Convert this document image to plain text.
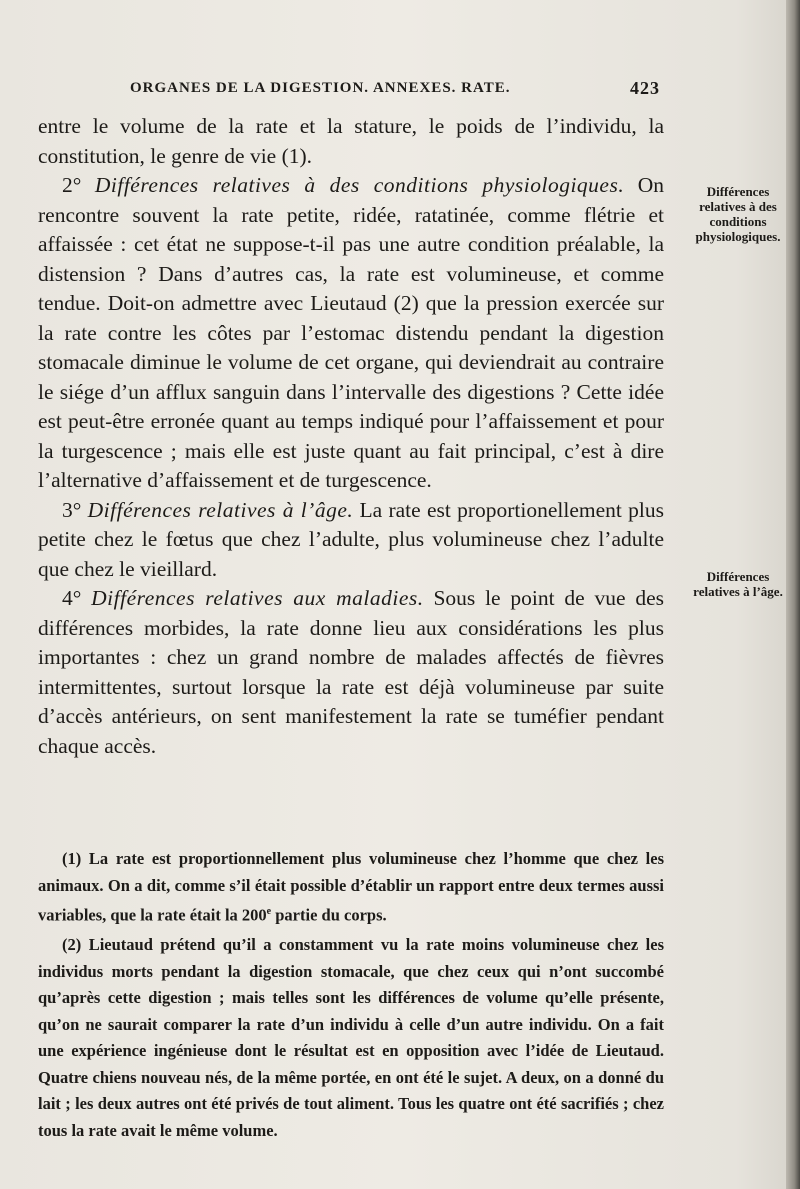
ORGANES DE LA DIGESTION. ANNEXES. RATE.	423

entre le volume de la rate et la stature, le poids de l’individu, la constitution, le genre de vie (1).

2° Différences relatives à des conditions physiologiques. On rencontre souvent la rate petite, ridée, ratatinée, comme flétrie et affaissée : cet état ne suppose-t-il pas une autre condition préalable, la distension ? Dans d’autres cas, la rate est volumineuse, et comme tendue. Doit-on admettre avec Lieutaud (2) que la pression exercée sur la rate contre les côtes par l’estomac distendu pendant la digestion stomacale diminue le volume de cet organe, qui deviendrait au contraire le siége d’un afflux sanguin dans l’intervalle des digestions ? Cette idée est peut-être erronée quant au temps indiqué pour l’affaissement et pour la turgescence ; mais elle est juste quant au fait principal, c’est à dire l’alternative d’affaissement et de turgescence.

3° Différences relatives à l’âge. La rate est proportionellement plus petite chez le fœtus que chez l’adulte, plus volumineuse chez l’adulte que chez le vieillard.

4° Différences relatives aux maladies. Sous le point de vue des différences morbides, la rate donne lieu aux considérations les plus importantes : chez un grand nombre de malades affectés de fièvres intermittentes, surtout lorsque la rate est déjà volumineuse par suite d’accès antérieurs, on sent manifestement la rate se tuméfier pendant chaque accès.

Différences relatives à des conditions physiologiques.
Différences relatives à l’âge.

(1) La rate est proportionnellement plus volumineuse chez l’homme que chez les animaux. On a dit, comme s’il était possible d’établir un rapport entre deux termes aussi variables, que la rate était la 200e partie du corps.

(2) Lieutaud prétend qu’il a constamment vu la rate moins volumineuse chez les individus morts pendant la digestion stomacale, que chez ceux qui n’ont succombé qu’après cette digestion ; mais telles sont les différences de volume qu’elle présente, qu’on ne saurait comparer la rate d’un individu à celle d’un autre individu. On a fait une expérience ingénieuse dont le résultat est en opposition avec l’idée de Lieutaud. Quatre chiens nouveau nés, de la même portée, en ont été le sujet. A deux, on a donné du lait ; les deux autres ont été privés de tout aliment. Tous les quatre ont été sacrifiés ; chez tous la rate avait le même volume.
